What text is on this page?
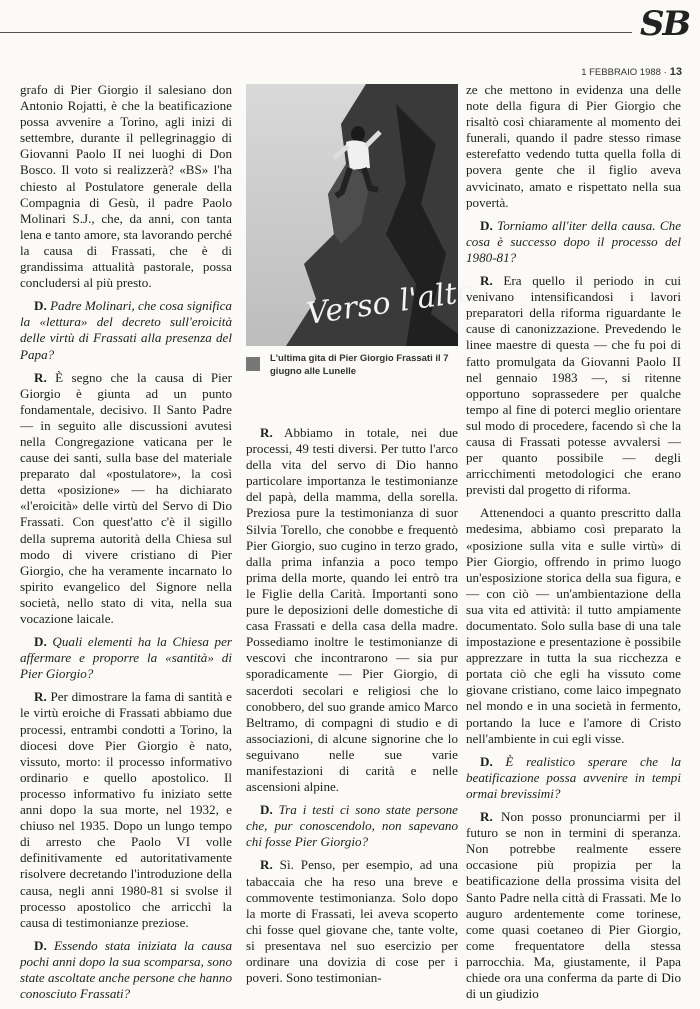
SB
1 FEBBRAIO 1988 · 13

grafo di Pier Giorgio il salesiano don Antonio Rojatti, è che la beatificazione possa avvenire a Torino, agli inizi di settembre, durante il pellegrinaggio di Giovanni Paolo II nei luoghi di Don Bosco. Il voto si realizzerà? «BS» l'ha chiesto al Postulatore generale della Compagnia di Gesù, il padre Paolo Molinari S.J., che, da anni, con tanta lena e tanto amore, sta lavorando perché la causa di Frassati, che è di grandissima attualità pastorale, possa concludersi al più presto.

D. Padre Molinari, che cosa significa la «lettura» del decreto sull'eroicità delle virtù di Frassati alla presenza del Papa?

R. È segno che la causa di Pier Giorgio è giunta ad un punto fondamentale, decisivo. Il Santo Padre — in seguito alle discussioni avutesi nella Congregazione vaticana per le cause dei santi, sulla base del materiale preparato dal «postulatore», la così detta «posizione» — ha dichiarato «l'eroicità» delle virtù del Servo di Dio Frassati. Con quest'atto c'è il sigillo della suprema autorità della Chiesa sul modo di vivere cristiano di Pier Giorgio, che ha veramente incarnato lo spirito evangelico del Signore nella società, nello stato di vita, nella sua vocazione laicale.

D. Quali elementi ha la Chiesa per affermare e proporre la «santità» di Pier Giorgio?

R. Per dimostrare la fama di santità e le virtù eroiche di Frassati abbiamo due processi, entrambi condotti a Torino, la diocesi dove Pier Giorgio è nato, vissuto, morto: il processo informativo ordinario e quello apostolico. Il processo informativo fu iniziato sette anni dopo la sua morte, nel 1932, e chiuso nel 1935. Dopo un lungo tempo di arresto che Paolo VI volle definitivamente ed autoritativamente risolvere decretando l'introduzione della causa, negli anni 1980-81 si svolse il processo apostolico che arricchì la causa di testimonianze preziose.

D. Essendo stata iniziata la causa pochi anni dopo la sua scomparsa, sono state ascoltate anche persone che hanno conosciuto Frassati?

Verso l'alto
L'ultima gita di Pier Giorgio Frassati il 7 giugno alle Lunelle

R. Abbiamo in totale, nei due processi, 49 testi diversi. Per tutto l'arco della vita del servo di Dio hanno particolare importanza le testimonianze del papà, della mamma, della sorella. Preziosa pure la testimonianza di suor Silvia Torello, che conobbe e frequentò Pier Giorgio, suo cugino in terzo grado, dalla prima infanzia a poco tempo prima della morte, quando lei entrò tra le Figlie della Carità. Importanti sono pure le deposizioni delle domestiche di casa Frassati e della casa della madre. Possediamo inoltre le testimonianze di vescovi che incontrarono — sia pur sporadicamente — Pier Giorgio, di sacerdoti secolari e religiosi che lo conobbero, del suo grande amico Marco Beltramo, di compagni di studio e di associazioni, di alcune signorine che lo seguivano nelle sue varie manifestazioni di carità e nelle ascensioni alpine.

D. Tra i testi ci sono state persone che, pur conoscendolo, non sapevano chi fosse Pier Giorgio?

R. Sì. Penso, per esempio, ad una tabaccaia che ha reso una breve e commovente testimonianza. Solo dopo la morte di Frassati, lei aveva scoperto chi fosse quel giovane che, tante volte, si presentava nel suo esercizio per ordinare una dovizia di cose per i poveri. Sono testimonian-

ze che mettono in evidenza una delle note della figura di Pier Giorgio che risaltò così chiaramente al momento dei funerali, quando il padre stesso rimase esterefatto vedendo tutta quella folla di povera gente che il figlio aveva avvicinato, amato e rispettato nella sua povertà.

D. Torniamo all'iter della causa. Che cosa è successo dopo il processo del 1980-81?

R. Era quello il periodo in cui venivano intensificandosi i lavori preparatori della riforma riguardante le cause di canonizzazione. Prevedendo le linee maestre di questa — che fu poi di fatto promulgata da Giovanni Paolo II nel gennaio 1983 —, si ritenne opportuno soprassedere per qualche tempo al fine di poterci meglio orientare sul modo di procedere, facendo sì che la causa di Frassati potesse avvalersi — per quanto possibile — degli arricchimenti metodologici che erano previsti dal progetto di riforma.

Attenendoci a quanto prescritto dalla medesima, abbiamo così preparato la «posizione sulla vita e sulle virtù» di Pier Giorgio, offrendo in primo luogo un'esposizione storica della sua figura, e — con ciò — un'ambientazione della sua vita ed attività: il tutto ampiamente documentato. Solo sulla base di una tale impostazione e presentazione è possibile apprezzare in tutta la sua ricchezza e portata ciò che egli ha vissuto come giovane cristiano, come laico impegnato nel mondo e in una società in fermento, portando la luce e l'amore di Cristo nell'ambiente in cui egli visse.

D. È realistico sperare che la beatificazione possa avvenire in tempi ormai brevissimi?

R. Non posso pronunciarmi per il futuro se non in termini di speranza. Non potrebbe realmente essere occasione più propizia per la beatificazione della prossima visita del Santo Padre nella città di Frassati. Me lo auguro ardentemente come torinese, come quasi coetaneo di Pier Giorgio, come frequentatore della stessa parrocchia. Ma, giustamente, il Papa chiede ora una conferma da parte di Dio di un giudizio
